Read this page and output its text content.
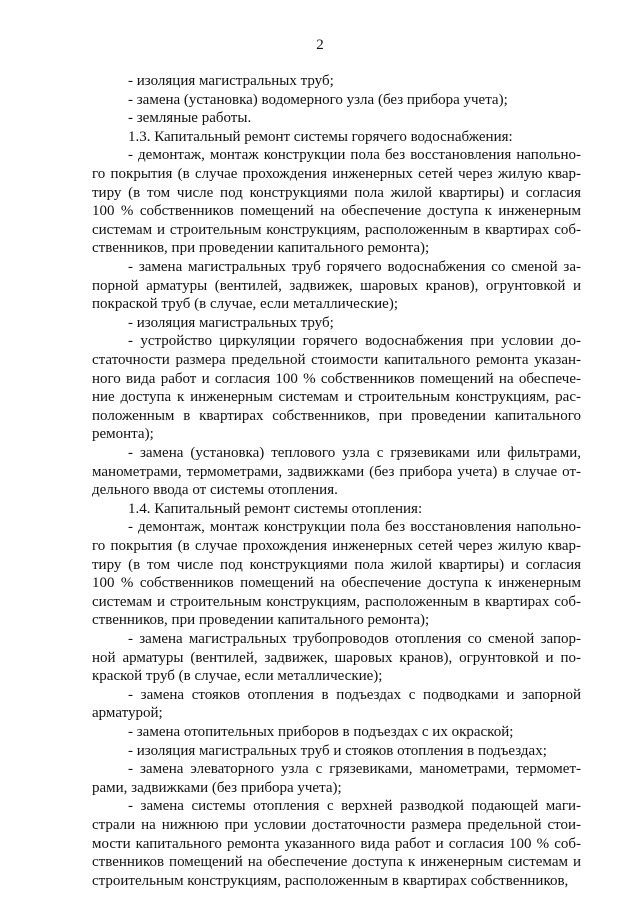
2
- изоляция магистральных труб;
- замена (установка) водомерного узла (без прибора учета);
- земляные работы.
1.3. Капитальный ремонт системы горячего водоснабжения:
- демонтаж, монтаж конструкции пола без восстановления напольно-
го покрытия (в случае прохождения инженерных сетей через жилую квар-
тиру (в том числе под конструкциями пола жилой квартиры) и согласия
100 % собственников помещений на обеспечение доступа к инженерным
системам и строительным конструкциям, расположенным в квартирах соб-
ственников, при проведении капитального ремонта);
- замена магистральных труб горячего водоснабжения со сменой за-
порной арматуры (вентилей, задвижек, шаровых кранов), огрунтовкой и
покраской труб (в случае, если металлические);
- изоляция магистральных труб;
- устройство циркуляции горячего водоснабжения при условии до-
статочности размера предельной стоимости капитального ремонта указан-
ного вида работ и согласия 100 % собственников помещений на обеспече-
ние доступа к инженерным системам и строительным конструкциям, рас-
положенным в квартирах собственников, при проведении капитального
ремонта);
- замена (установка) теплового узла с грязевиками или фильтрами,
манометрами, термометрами, задвижками (без прибора учета) в случае от-
дельного ввода от системы отопления.
1.4. Капитальный ремонт системы отопления:
- демонтаж, монтаж конструкции пола без восстановления напольно-
го покрытия (в случае прохождения инженерных сетей через жилую квар-
тиру (в том числе под конструкциями пола жилой квартиры) и согласия
100 % собственников помещений на обеспечение доступа к инженерным
системам и строительным конструкциям, расположенным в квартирах соб-
ственников, при проведении капитального ремонта);
- замена магистральных трубопроводов отопления со сменой запор-
ной арматуры (вентилей, задвижек, шаровых кранов), огрунтовкой и по-
краской труб (в случае, если металлические);
- замена стояков отопления в подъездах с подводками и запорной
арматурой;
- замена отопительных приборов в подъездах с их окраской;
- изоляция магистральных труб и стояков отопления в подъездах;
- замена элеваторного узла с грязевиками, манометрами, термомет-
рами, задвижками (без прибора учета);
- замена системы отопления с верхней разводкой подающей маги-
страли на нижнюю при условии достаточности размера предельной стои-
мости капитального ремонта указанного вида работ и согласия 100 % соб-
ственников помещений на обеспечение доступа к инженерным системам и
строительным конструкциям, расположенным в квартирах собственников,
